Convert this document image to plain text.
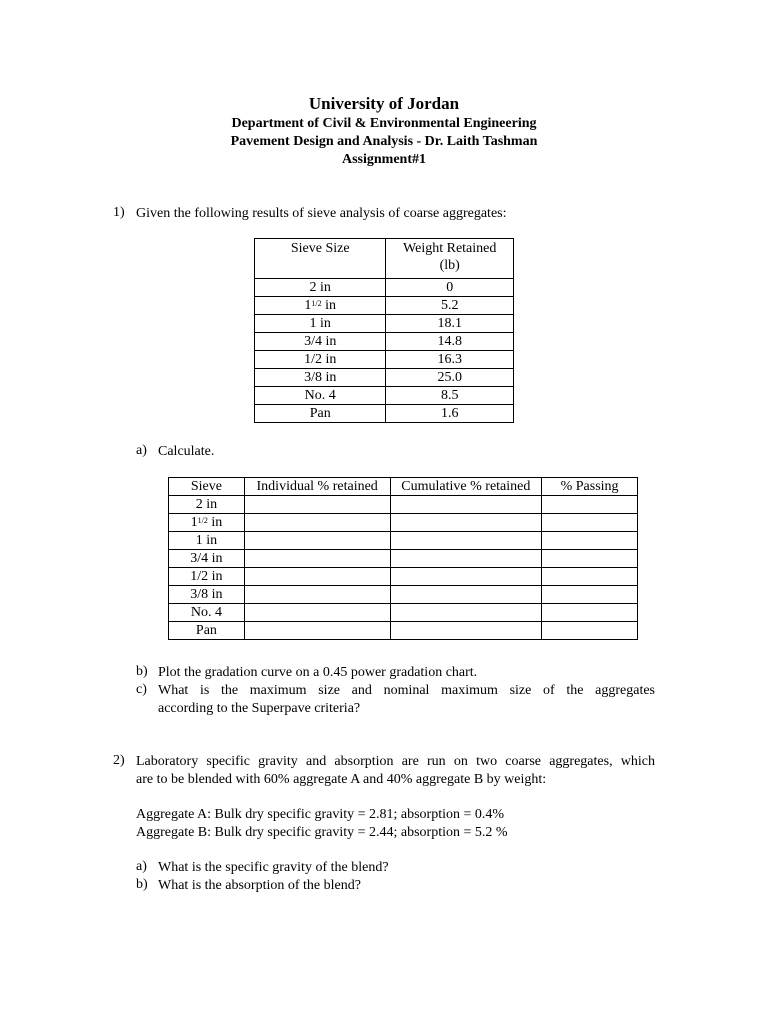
University of Jordan
Department of Civil & Environmental Engineering
Pavement Design and Analysis - Dr. Laith Tashman
Assignment#1
1) Given the following results of sieve analysis of coarse aggregates:
Sieve Size	Weight Retained
(lb)
2 in	0
$1^{1/2}$ in	5.2
1 in	18.1
3/4 in	14.8
1/2 in	16.3
3/8 in	25.0
No. 4	8.5
Pan	1.6
a) Calculate.
Sieve	Individual % retained	Cumulative % retained	% Passing
2 in			
$1^{1/2}$ in			
1 in			
3/4 in			
1/2 in			
3/8 in			
No. 4			
Pan			
b) Plot the gradation curve on a 0.45 power gradation chart.
c) What is the maximum size and nominal maximum size of the aggregates
according to the Superpave criteria?
2) Laboratory specific gravity and absorption are run on two coarse aggregates, which
are to be blended with 60% aggregate A and 40% aggregate B by weight:
Aggregate A: Bulk dry specific gravity = 2.81; absorption = 0.4%
Aggregate B: Bulk dry specific gravity = 2.44; absorption = 5.2 %
a) What is the specific gravity of the blend?
b) What is the absorption of the blend?
